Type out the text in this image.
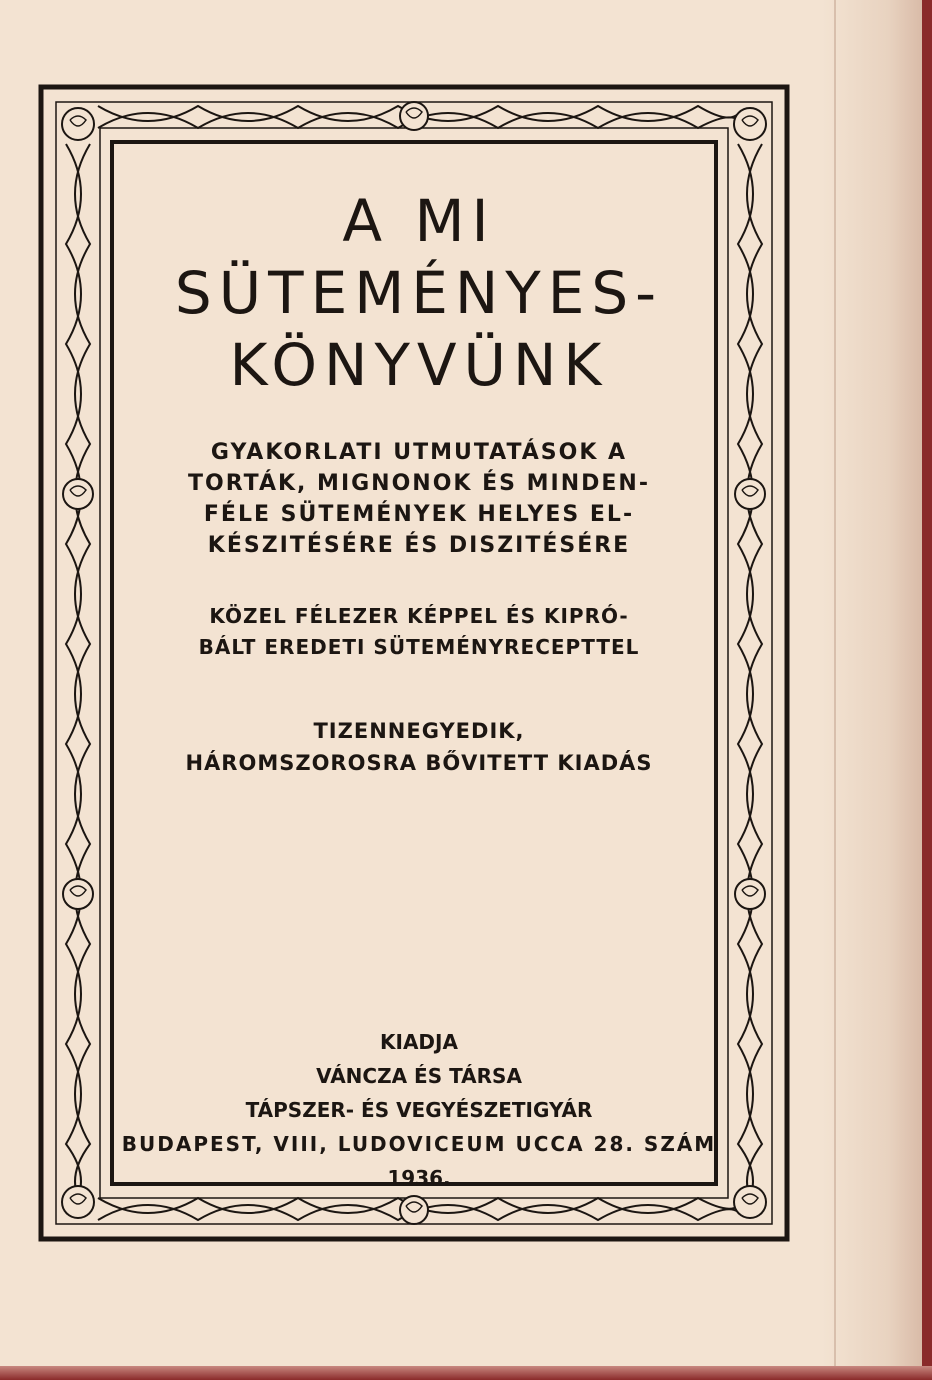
A MI
SÜTEMÉNYES-
KÖNYVÜNK
GYAKORLATI UTMUTATÁSOK A
TORTÁK, MIGNONOK ÉS MINDEN-
FÉLE SÜTEMÉNYEK HELYES EL-
KÉSZITÉSÉRE ÉS DISZITÉSÉRE
KÖZEL FÉLEZER KÉPPEL ÉS KIPRÓ-
BÁLT EREDETI SÜTEMÉNYRECEPTTEL
TIZENNEGYEDIK,
HÁROMSZOROSRA BŐVITETT KIADÁS
KIADJA
VÁNCZA ÉS TÁRSA
TÁPSZER- ÉS VEGYÉSZETIGYÁR
BUDAPEST, VIII, LUDOVICEUM UCCA 28. SZÁM
1936.
